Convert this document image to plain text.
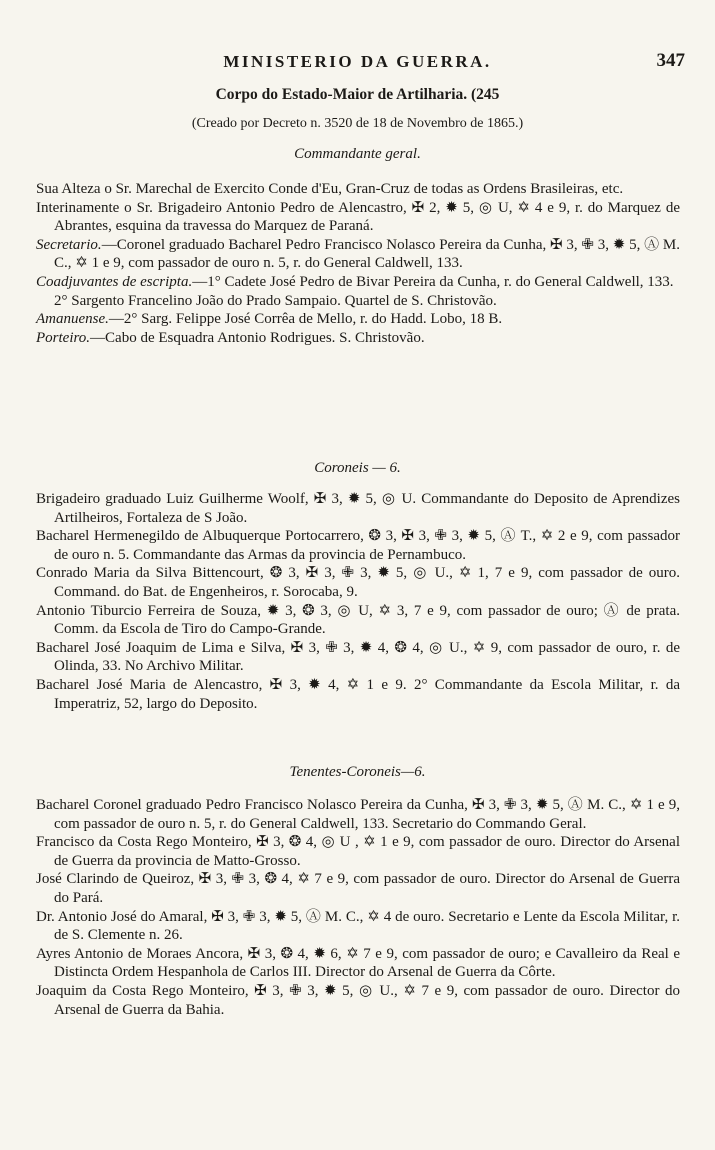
MINISTERIO DA GUERRA.	347
Corpo do Estado-Maior de Artilharia. (245
(Creado por Decreto n. 3520 de 18 de Novembro de 1865.)
Commandante geral.

Sua Alteza o Sr. Marechal de Exercito Conde d'Eu, Gran-Cruz de todas as Ordens Brasileiras, etc.

Interinamente o Sr. Brigadeiro Antonio Pedro de Alencastro, ✠ 2, ✹ 5, ◎ U, ✡ 4 e 9, r. do Marquez de Abrantes, esquina da travessa do Marquez de Paraná.

Secretario.—Coronel graduado Bacharel Pedro Francisco Nolasco Pereira da Cunha, ✠ 3, ✙ 3, ✹ 5, Ⓐ M. C., ✡ 1 e 9, com passador de ouro n. 5, r. do General Caldwell, 133.

Coadjuvantes de escripta.—1° Cadete José Pedro de Bivar Pereira da Cunha, r. do General Caldwell, 133.

2° Sargento Francelino João do Prado Sampaio. Quartel de S. Christovão.

Amanuense.—2° Sarg. Felippe José Corrêa de Mello, r. do Hadd. Lobo, 18 B.

Porteiro.—Cabo de Esquadra Antonio Rodrigues. S. Christovão.

Coroneis — 6.

Brigadeiro graduado Luiz Guilherme Woolf, ✠ 3, ✹ 5, ◎ U. Commandante do Deposito de Aprendizes Artilheiros, Fortaleza de S João.

Bacharel Hermenegildo de Albuquerque Portocarrero, ❂ 3, ✠ 3, ✙ 3, ✹ 5, Ⓐ T., ✡ 2 e 9, com passador de ouro n. 5. Commandante das Armas da provincia de Pernambuco.

Conrado Maria da Silva Bittencourt, ❂ 3, ✠ 3, ✙ 3, ✹ 5, ◎ U., ✡ 1, 7 e 9, com passador de ouro. Command. do Bat. de Engenheiros, r. Sorocaba, 9.

Antonio Tiburcio Ferreira de Souza, ✹ 3, ❂ 3, ◎ U, ✡ 3, 7 e 9, com passador de ouro; Ⓐ de prata. Comm. da Escola de Tiro do Campo-Grande.

Bacharel José Joaquim de Lima e Silva, ✠ 3, ✙ 3, ✹ 4, ❂ 4, ◎ U., ✡ 9, com passador de ouro, r. de Olinda, 33. No Archivo Militar.

Bacharel José Maria de Alencastro, ✠ 3, ✹ 4, ✡ 1 e 9. 2° Commandante da Escola Militar, r. da Imperatriz, 52, largo do Deposito.

Tenentes-Coroneis—6.

Bacharel Coronel graduado Pedro Francisco Nolasco Pereira da Cunha, ✠ 3, ✙ 3, ✹ 5, Ⓐ M. C., ✡ 1 e 9, com passador de ouro n. 5, r. do General Caldwell, 133. Secretario do Commando Geral.

Francisco da Costa Rego Monteiro, ✠ 3, ❂ 4, ◎ U , ✡ 1 e 9, com passador de ouro. Director do Arsenal de Guerra da provincia de Matto-Grosso.

José Clarindo de Queiroz, ✠ 3, ✙ 3, ❂ 4, ✡ 7 e 9, com passador de ouro. Director do Arsenal de Guerra do Pará.

Dr. Antonio José do Amaral, ✠ 3, ✙ 3, ✹ 5, Ⓐ M. C., ✡ 4 de ouro. Secretario e Lente da Escola Militar, r. de S. Clemente n. 26.

Ayres Antonio de Moraes Ancora, ✠ 3, ❂ 4, ✹ 6, ✡ 7 e 9, com passador de ouro; e Cavalleiro da Real e Distincta Ordem Hespanhola de Carlos III. Director do Arsenal de Guerra da Côrte.

Joaquim da Costa Rego Monteiro, ✠ 3, ✙ 3, ✹ 5, ◎ U., ✡ 7 e 9, com passador de ouro. Director do Arsenal de Guerra da Bahia.
